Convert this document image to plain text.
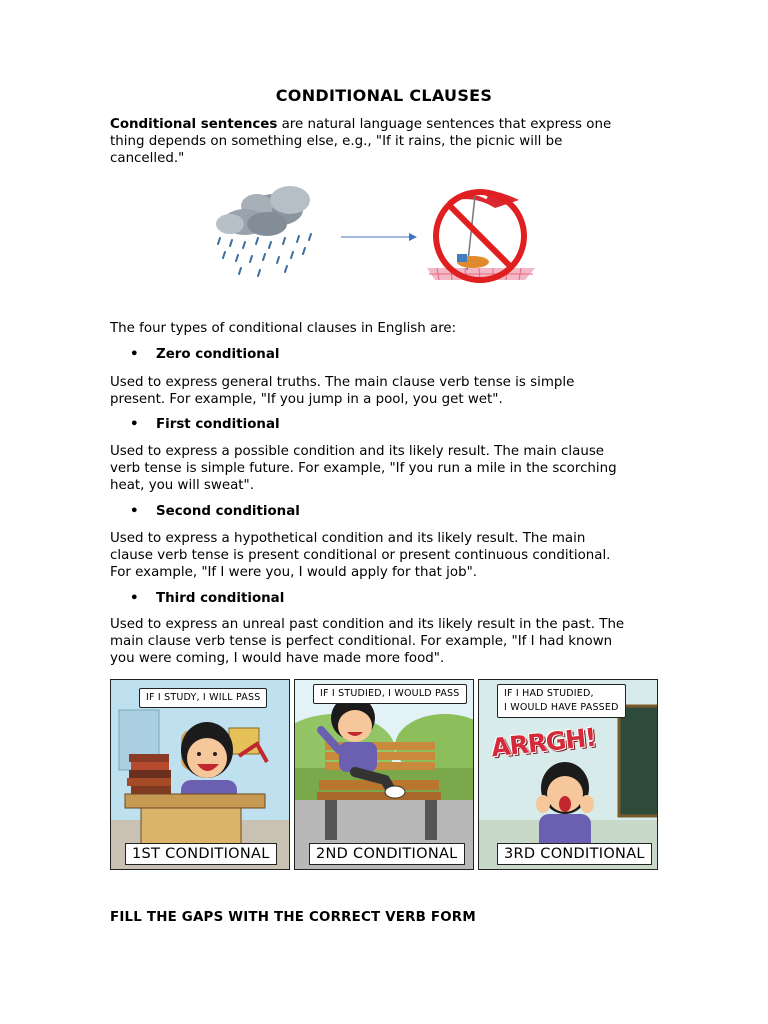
CONDITIONAL CLAUSES
Conditional sentences are natural language sentences that express one
thing depends on something else, e.g., "If it rains, the picnic will be
cancelled."
The four types of conditional clauses in English are:
• Zero conditional
Used to express general truths. The main clause verb tense is simple
present. For example, "If you jump in a pool, you get wet".
• First conditional
Used to express a possible condition and its likely result. The main clause
verb tense is simple future. For example, "If you run a mile in the scorching
heat, you will sweat".
• Second conditional
Used to express a hypothetical condition and its likely result. The main
clause verb tense is present conditional or present continuous conditional.
For example, "If I were you, I would apply for that job".
• Third conditional
Used to express an unreal past condition and its likely result in the past. The
main clause verb tense is perfect conditional. For example, "If I had known
you were coming, I would have made more food".
IF I STUDY, I WILL PASS
1ST CONDITIONAL
IF I STUDIED, I WOULD PASS
2ND CONDITIONAL
IF I HAD STUDIED,
I WOULD HAVE PASSED
ARRGH!
3RD CONDITIONAL
FILL THE GAPS WITH THE CORRECT VERB FORM
